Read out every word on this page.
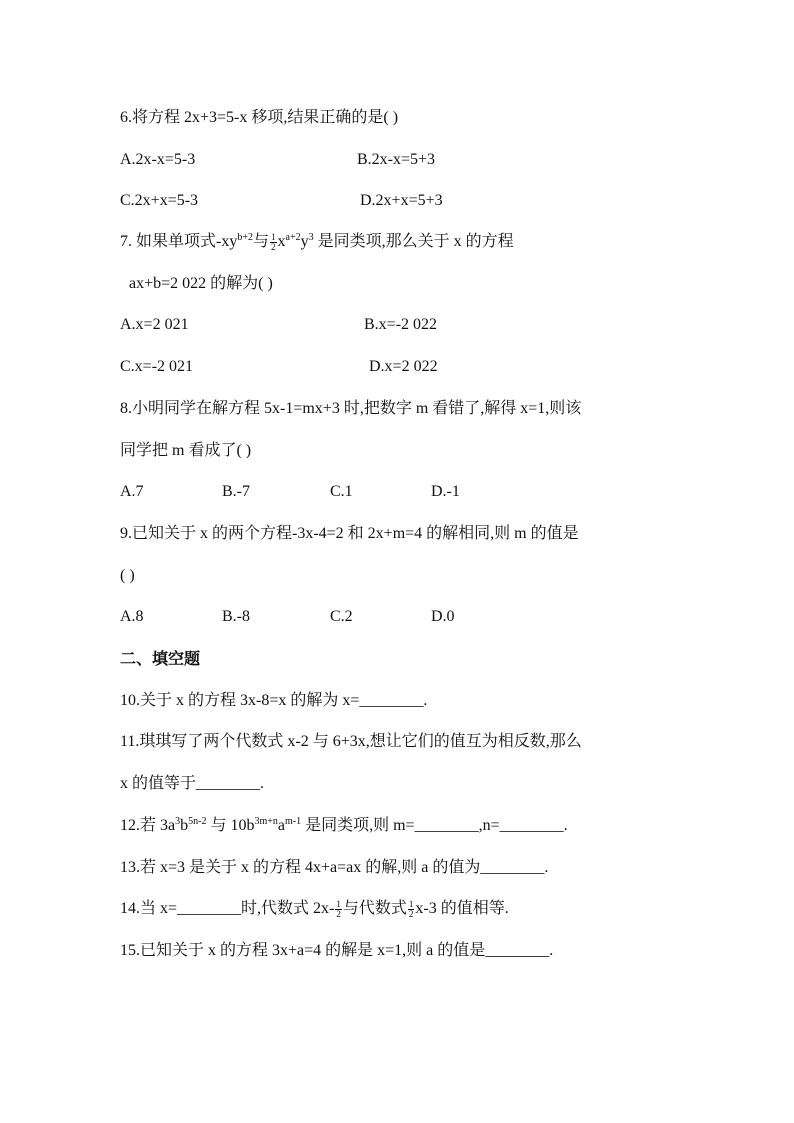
6.将方程 2x+3=5-x 移项,结果正确的是( )
A.2x-x=5-3	B.2x-x=5+3
C.2x+x=5-3	D.2x+x=5+3
7. 如果单项式$-xy^{b+2}$与 $\frac{1}{2} x^{a+2}y^3$ 是同类项,那么关于 x 的方程
ax+b=2 022 的解为( )
A.x=2 021	B.x=-2 022
C.x=-2 021	D.x=2 022
8.小明同学在解方程 5x-1=mx+3 时,把数字 m 看错了,解得 x=1,则该
同学把 m 看成了( )
A.7	B.-7	C.1	D.-1
9.已知关于 x 的两个方程-3x-4=2 和 2x+m=4 的解相同,则 m 的值是
( )
A.8	B.-8	C.2	D.0
二、填空题
10.关于 x 的方程 3x-8=x 的解为 x=________.
11.琪琪写了两个代数式 x-2 与 6+3x,想让它们的值互为相反数,那么
x 的值等于________.
12.若 $3a^3b^{5n-2}$ 与 $10b^{3m+n}a^{m-1}$ 是同类项,则 m=________,n=________.
13.若 x=3 是关于 x 的方程 4x+a=ax 的解,则 a 的值为________.
14.当 x=________时,代数式 $2x- \frac{1}{2}$ 与代数式 $\frac{1}{2} x-3$ 的值相等.
15.已知关于 x 的方程 3x+a=4 的解是 x=1,则 a 的值是________.
